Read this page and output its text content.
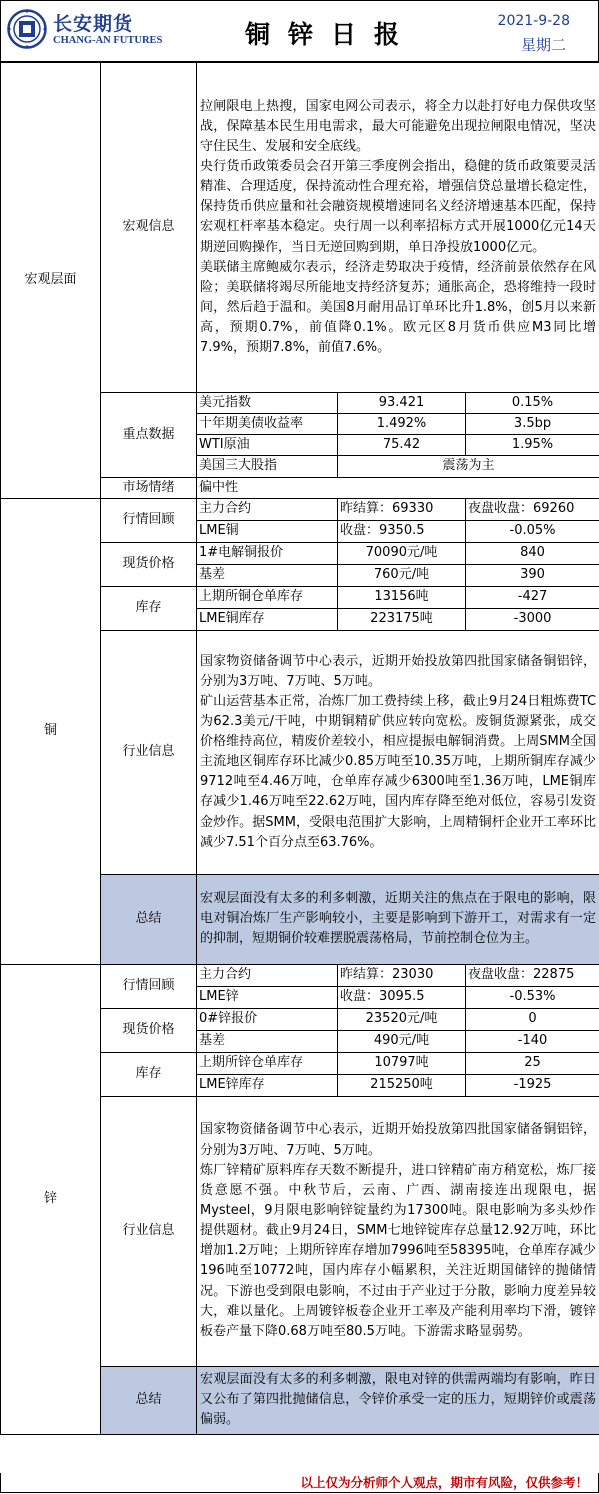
长安期货
CHANG-AN FUTURES	铜锌日报	2021-9-28
星期二
宏观层面	宏观信息	拉闸限电上热搜，国家电网公司表示，将全力以赴打好电力保供攻坚战，保障基本民生用电需求，最大可能避免出现拉闸限电情况，坚决守住民生、发展和安全底线。

央行货币政策委员会召开第三季度例会指出，稳健的货币政策要灵活精准、合理适度，保持流动性合理充裕，增强信贷总量增长稳定性，保持货币供应量和社会融资规模增速同名义经济增速基本匹配，保持宏观杠杆率基本稳定。央行周一以利率招标方式开展1000亿元14天期逆回购操作，当日无逆回购到期，单日净投放1000亿元。

美联储主席鲍威尔表示，经济走势取决于疫情，经济前景依然存在风险；美联储将竭尽所能地支持经济复苏；通胀高企，恐将维持一段时间，然后趋于温和。美国8月耐用品订单环比升1.8%，创5月以来新高，预期0.7%，前值降0.1%。欧元区8月货币供应M3同比增7.9%，预期7.8%，前值7.6%。		

	重点数据	美元指数	93.421	0.15%
		十年期美债收益率	1.492%	3.5bp
		WTI原油	75.42	1.95%
		美国三大股指	震荡为主	
	市场情绪	偏中性		
铜	行情回顾	主力合约	昨结算：69330	夜盘收盘：69260
		LME铜	收盘：9350.5	-0.05%
	现货价格	1#电解铜报价	70090元/吨	840
		基差	760元/吨	390
	库存	上期所铜仓单库存	13156吨	-427
		LME铜库存	223175吨	-3000
	行业信息	国家物资储备调节中心表示，近期开始投放第四批国家储备铜铝锌，分别为3万吨、7万吨、5万吨。

矿山运营基本正常，冶炼厂加工费持续上移，截止9月24日粗炼费TC为62.3美元/干吨，中期铜精矿供应转向宽松。废铜货源紧张，成交价格维持高位，精废价差较小，相应提振电解铜消费。上周SMM全国主流地区铜库存环比减少0.85万吨至10.35万吨，上期所铜库存减少9712吨至4.46万吨，仓单库存减少6300吨至1.36万吨，LME铜库存减少1.46万吨至22.62万吨，国内库存降至绝对低位，容易引发资金炒作。据SMM，受限电范围扩大影响，上周精铜杆企业开工率环比减少7.51个百分点至63.76%。		

	总结	宏观层面没有太多的利多刺激，近期关注的焦点在于限电的影响，限电对铜冶炼厂生产影响较小，主要是影响到下游开工，对需求有一定的抑制，短期铜价较难摆脱震荡格局，节前控制仓位为主。		
锌	行情回顾	主力合约	昨结算：23030	夜盘收盘：22875
		LME锌	收盘：3095.5	-0.53%
	现货价格	0#锌报价	23520元/吨	0
		基差	490元/吨	-140
	库存	上期所锌仓单库存	10797吨	25
		LME锌库存	215250吨	-1925
	行业信息	国家物资储备调节中心表示，近期开始投放第四批国家储备铜铝锌，分别为3万吨、7万吨、5万吨。

炼厂锌精矿原料库存天数不断提升，进口锌精矿南方稍宽松，炼厂接货意愿不强。中秋节后，云南、广西、湖南接连出现限电，据Mysteel，9月限电影响锌锭量约为17300吨。限电影响为多头炒作提供题材。截止9月24日，SMM七地锌锭库存总量12.92万吨，环比增加1.2万吨；上期所锌库存增加7996吨至58395吨，仓单库存减少196吨至10772吨，国内库存小幅累积，关注近期国储锌的抛储情况。下游也受到限电影响，不过由于产业过于分散，影响力度差异较大，难以量化。上周镀锌板卷企业开工率及产能利用率均下滑，镀锌板卷产量下降0.68万吨至80.5万吨。下游需求略显弱势。		

	总结	宏观层面没有太多的利多刺激，限电对锌的供需两端均有影响，昨日又公布了第四批抛储信息，令锌价承受一定的压力，短期锌价或震荡偏弱。		
以上仅为分析师个人观点，期市有风险，仅供参考！
